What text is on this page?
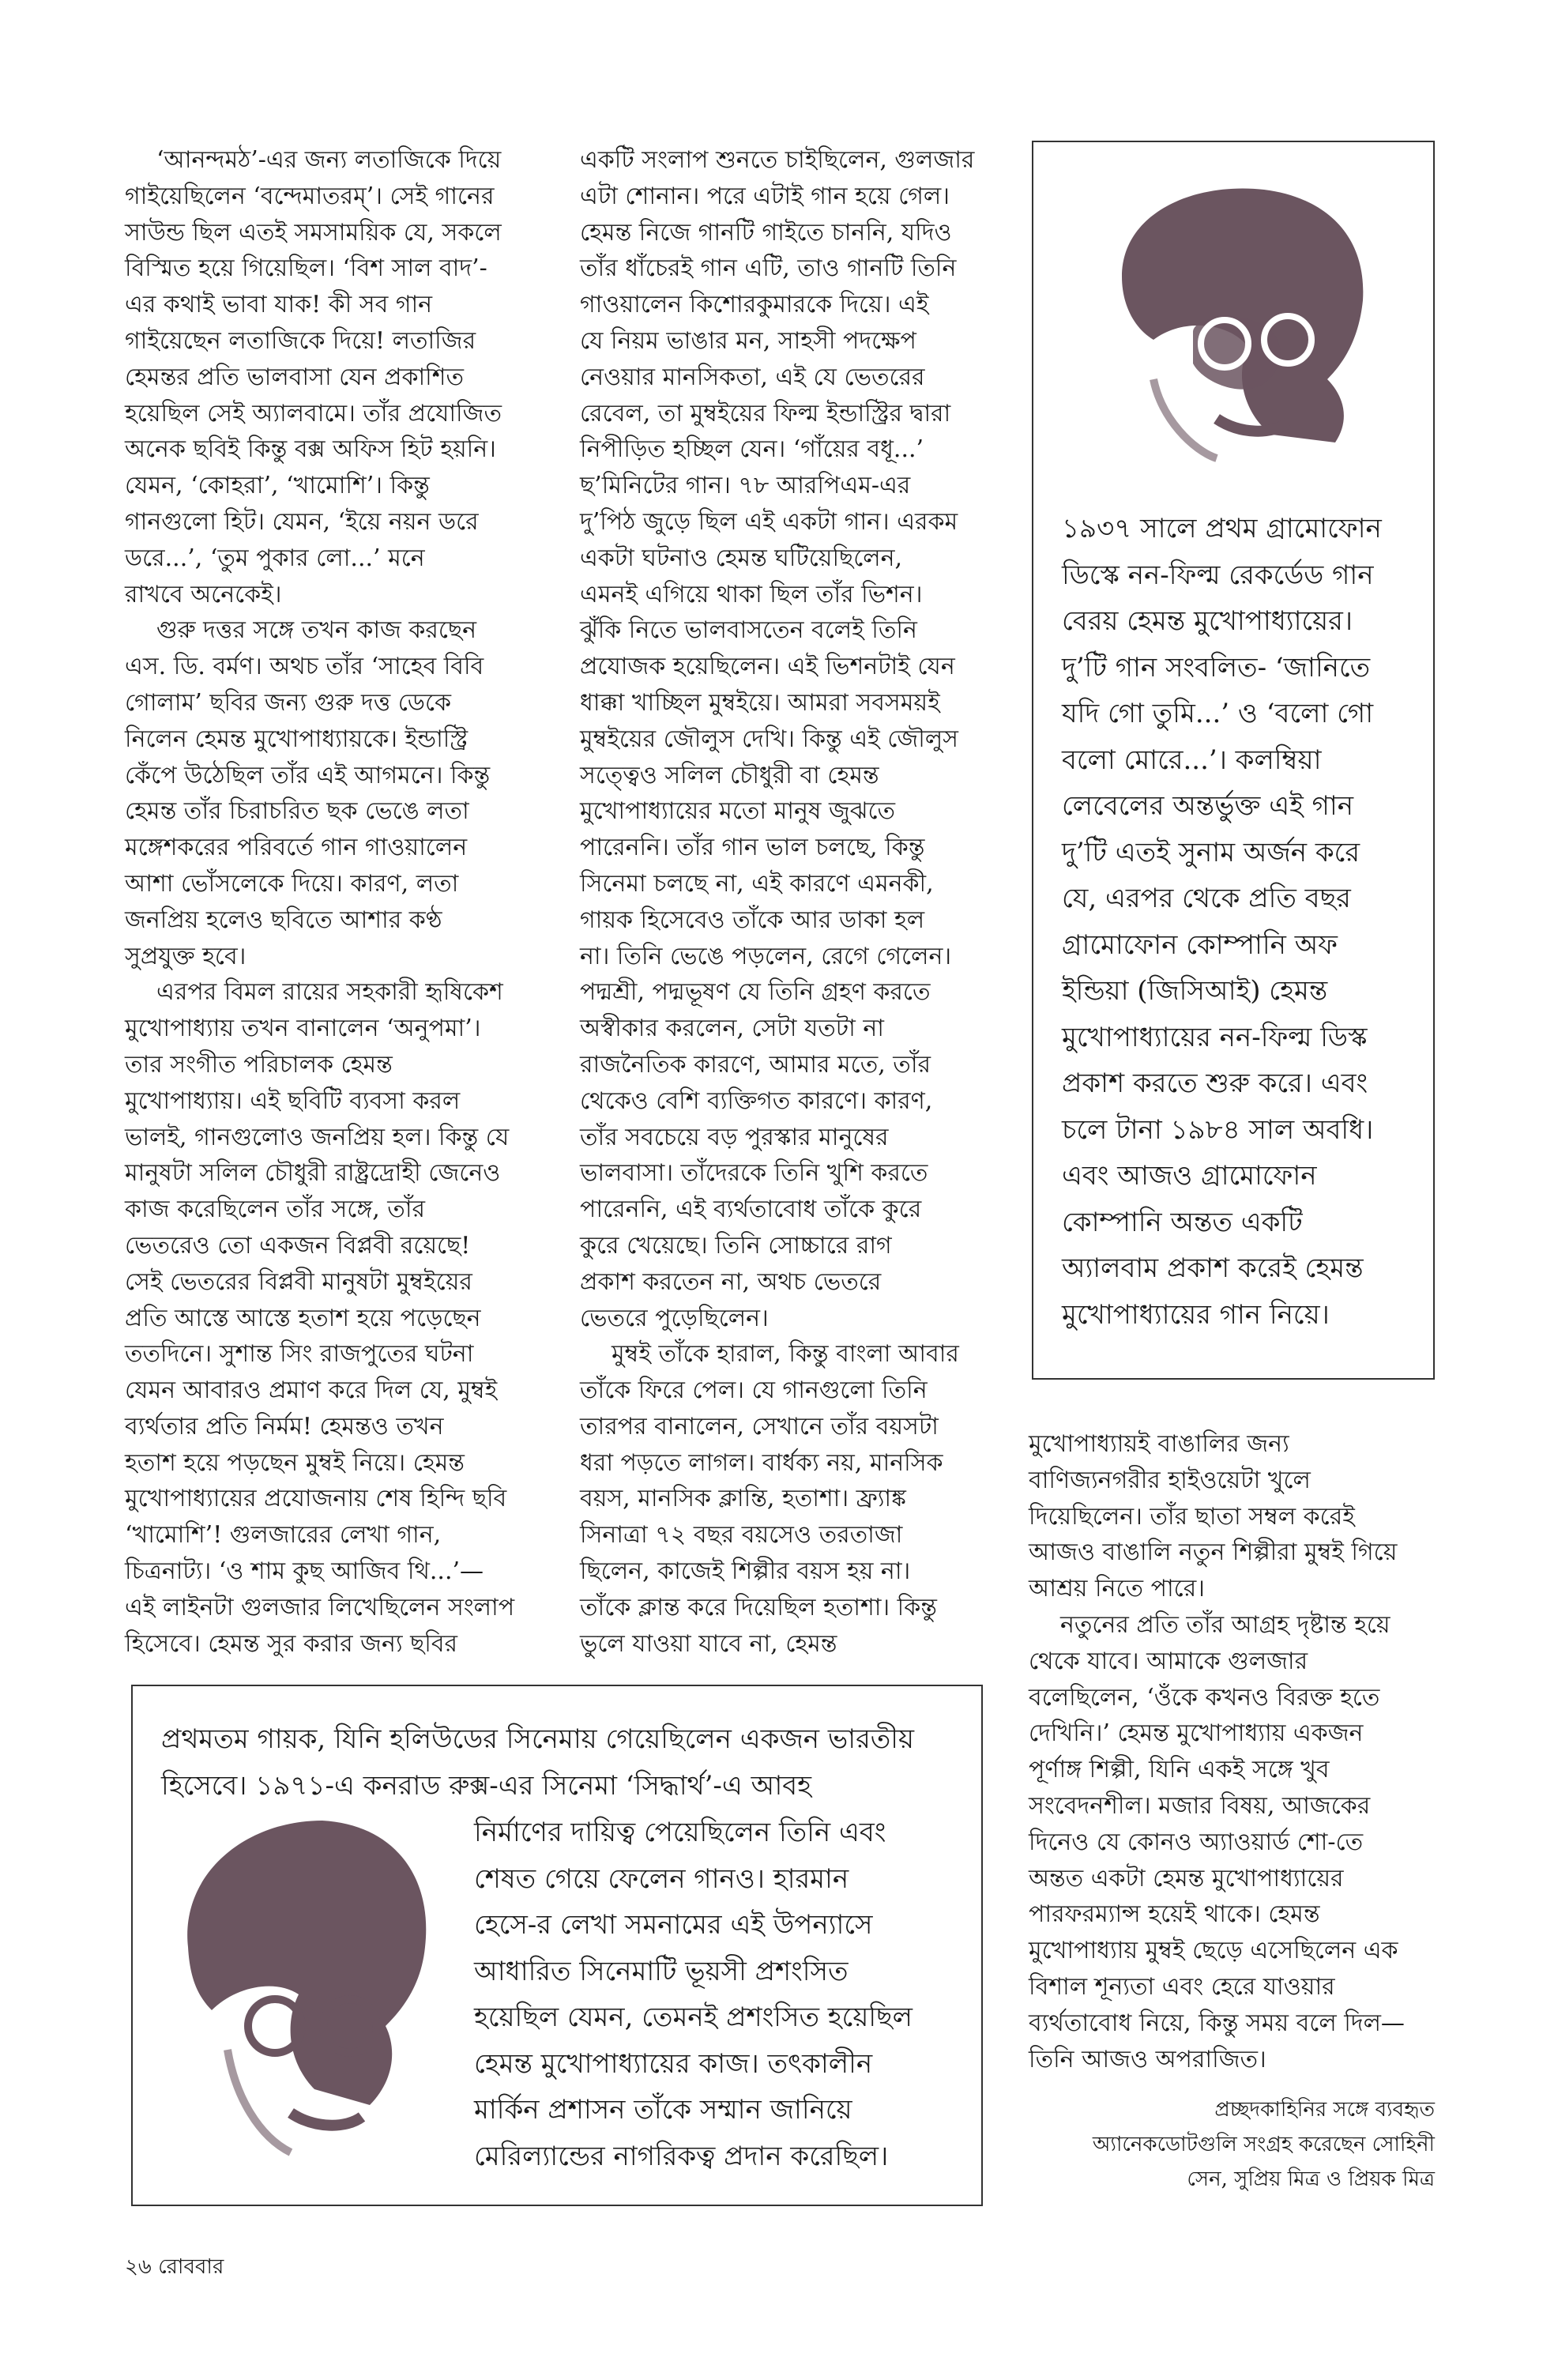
‘আনন্দমঠ’-এর জন্য লতাজিকে দিয়ে
গাইয়েছিলেন ‘বন্দেমাতরম্’। সেই গানের
সাউন্ড ছিল এতই সমসাময়িক যে, সকলে
বিস্মিত হয়ে গিয়েছিল। ‘বিশ সাল বাদ’-
এর কথাই ভাবা যাক! কী সব গান
গাইয়েছেন লতাজিকে দিয়ে! লতাজির
হেমন্তর প্রতি ভালবাসা যেন প্রকাশিত
হয়েছিল সেই অ্যালবামে। তাঁর প্রযোজিত
অনেক ছবিই কিন্তু বক্স অফিস হিট হয়নি।
যেমন, ‘কোহরা’, ‘খামোশি’। কিন্তু
গানগুলো হিট। যেমন, ‘ইয়ে নয়ন ডরে
ডরে...’, ‘তুম পুকার লো...’ মনে
রাখবে অনেকেই।
গুরু দত্তর সঙ্গে তখন কাজ করছেন
এস. ডি. বর্মণ। অথচ তাঁর ‘সাহেব বিবি
গোলাম’ ছবির জন্য গুরু দত্ত ডেকে
নিলেন হেমন্ত মুখোপাধ্যায়কে। ইন্ডাস্ট্রি
কেঁপে উঠেছিল তাঁর এই আগমনে। কিন্তু
হেমন্ত তাঁর চিরাচরিত ছক ভেঙে লতা
মঙ্গেশকরের পরিবর্তে গান গাওয়ালেন
আশা ভোঁসলেকে দিয়ে। কারণ, লতা
জনপ্রিয় হলেও ছবিতে আশার কণ্ঠ
সুপ্রযুক্ত হবে।
এরপর বিমল রায়ের সহকারী হৃষিকেশ
মুখোপাধ্যায় তখন বানালেন ‘অনুপমা’।
তার সংগীত পরিচালক হেমন্ত
মুখোপাধ্যায়। এই ছবিটি ব্যবসা করল
ভালই, গানগুলোও জনপ্রিয় হল। কিন্তু যে
মানুষটা সলিল চৌধুরী রাষ্ট্রদ্রোহী জেনেও
কাজ করেছিলেন তাঁর সঙ্গে, তাঁর
ভেতরেও তো একজন বিপ্লবী রয়েছে!
সেই ভেতরের বিপ্লবী মানুষটা মুম্বইয়ের
প্রতি আস্তে আস্তে হতাশ হয়ে পড়েছেন
ততদিনে। সুশান্ত সিং রাজপুতের ঘটনা
যেমন আবারও প্রমাণ করে দিল যে, মুম্বই
ব্যর্থতার প্রতি নির্মম! হেমন্তও তখন
হতাশ হয়ে পড়ছেন মুম্বই নিয়ে। হেমন্ত
মুখোপাধ্যায়ের প্রযোজনায় শেষ হিন্দি ছবি
‘খামোশি’! গুলজারের লেখা গান,
চিত্রনাট্য। ‘ও শাম কুছ আজিব থি...’—
এই লাইনটা গুলজার লিখেছিলেন সংলাপ
হিসেবে। হেমন্ত সুর করার জন্য ছবির
একটি সংলাপ শুনতে চাইছিলেন, গুলজার
এটা শোনান। পরে এটাই গান হয়ে গেল।
হেমন্ত নিজে গানটি গাইতে চাননি, যদিও
তাঁর ধাঁচেরই গান এটি, তাও গানটি তিনি
গাওয়ালেন কিশোরকুমারকে দিয়ে। এই
যে নিয়ম ভাঙার মন, সাহসী পদক্ষেপ
নেওয়ার মানসিকতা, এই যে ভেতরের
রেবেল, তা মুম্বইয়ের ফিল্ম ইন্ডাস্ট্রির দ্বারা
নিপীড়িত হচ্ছিল যেন। ‘গাঁয়ের বধূ...’
ছ’মিনিটের গান। ৭৮ আরপিএম-এর
দু’পিঠ জুড়ে ছিল এই একটা গান। এরকম
একটা ঘটনাও হেমন্ত ঘটিয়েছিলেন,
এমনই এগিয়ে থাকা ছিল তাঁর ভিশন।
ঝুঁকি নিতে ভালবাসতেন বলেই তিনি
প্রযোজক হয়েছিলেন। এই ভিশনটাই যেন
ধাক্কা খাচ্ছিল মুম্বইয়ে। আমরা সবসময়ই
মুম্বইয়ের জৌলুস দেখি। কিন্তু এই জৌলুস
সত্ত্বেও সলিল চৌধুরী বা হেমন্ত
মুখোপাধ্যায়ের মতো মানুষ জুঝতে
পারেননি। তাঁর গান ভাল চলছে, কিন্তু
সিনেমা চলছে না, এই কারণে এমনকী,
গায়ক হিসেবেও তাঁকে আর ডাকা হল
না। তিনি ভেঙে পড়লেন, রেগে গেলেন।
পদ্মশ্রী, পদ্মভূষণ যে তিনি গ্রহণ করতে
অস্বীকার করলেন, সেটা যতটা না
রাজনৈতিক কারণে, আমার মতে, তাঁর
থেকেও বেশি ব্যক্তিগত কারণে। কারণ,
তাঁর সবচেয়ে বড় পুরস্কার মানুষের
ভালবাসা। তাঁদেরকে তিনি খুশি করতে
পারেননি, এই ব্যর্থতাবোধ তাঁকে কুরে
কুরে খেয়েছে। তিনি সোচ্চারে রাগ
প্রকাশ করতেন না, অথচ ভেতরে
ভেতরে পুড়েছিলেন।
মুম্বই তাঁকে হারাল, কিন্তু বাংলা আবার
তাঁকে ফিরে পেল। যে গানগুলো তিনি
তারপর বানালেন, সেখানে তাঁর বয়সটা
ধরা পড়তে লাগল। বার্ধক্য নয়, মানসিক
বয়স, মানসিক ক্লান্তি, হতাশা। ফ্র্যাঙ্ক
সিনাত্রা ৭২ বছর বয়সেও তরতাজা
ছিলেন, কাজেই শিল্পীর বয়স হয় না।
তাঁকে ক্লান্ত করে দিয়েছিল হতাশা। কিন্তু
ভুলে যাওয়া যাবে না, হেমন্ত
মুখোপাধ্যায়ই বাঙালির জন্য
বাণিজ্যনগরীর হাইওয়েটা খুলে
দিয়েছিলেন। তাঁর ছাতা সম্বল করেই
আজও বাঙালি নতুন শিল্পীরা মুম্বই গিয়ে
আশ্রয় নিতে পারে।
নতুনের প্রতি তাঁর আগ্রহ দৃষ্টান্ত হয়ে
থেকে যাবে। আমাকে গুলজার
বলেছিলেন, ‘ওঁকে কখনও বিরক্ত হতে
দেখিনি।’ হেমন্ত মুখোপাধ্যায় একজন
পূর্ণাঙ্গ শিল্পী, যিনি একই সঙ্গে খুব
সংবেদনশীল। মজার বিষয়, আজকের
দিনেও যে কোনও অ্যাওয়ার্ড শো-তে
অন্তত একটা হেমন্ত মুখোপাধ্যায়ের
পারফরম্যান্স হয়েই থাকে। হেমন্ত
মুখোপাধ্যায় মুম্বই ছেড়ে এসেছিলেন এক
বিশাল শূন্যতা এবং হেরে যাওয়ার
ব্যর্থতাবোধ নিয়ে, কিন্তু সময় বলে দিল—
তিনি আজও অপরাজিত।
১৯৩৭ সালে প্রথম গ্রামোফোন
ডিস্কে নন-ফিল্ম রেকর্ডেড গান
বেরয় হেমন্ত মুখোপাধ্যায়ের।
দু’টি গান সংবলিত- ‘জানিতে
যদি গো তুমি...’ ও ‘বলো গো
বলো মোরে...’। কলম্বিয়া
লেবেলের অন্তর্ভুক্ত এই গান
দু’টি এতই সুনাম অর্জন করে
যে, এরপর থেকে প্রতি বছর
গ্রামোফোন কোম্পানি অফ
ইন্ডিয়া (জিসিআই) হেমন্ত
মুখোপাধ্যায়ের নন-ফিল্ম ডিস্ক
প্রকাশ করতে শুরু করে। এবং
চলে টানা ১৯৮৪ সাল অবধি।
এবং আজও গ্রামোফোন
কোম্পানি অন্তত একটি
অ্যালবাম প্রকাশ করেই হেমন্ত
মুখোপাধ্যায়ের গান নিয়ে।
প্রথমতম গায়ক, যিনি হলিউডের সিনেমায় গেয়েছিলেন একজন ভারতীয়
হিসেবে। ১৯৭১-এ কনরাড রুক্স-এর সিনেমা ‘সিদ্ধার্থ’-এ আবহ
নির্মাণের দায়িত্ব পেয়েছিলেন তিনি এবং
শেষত গেয়ে ফেলেন গানও। হারমান
হেসে-র লেখা সমনামের এই উপন্যাসে
আধারিত সিনেমাটি ভূয়সী প্রশংসিত
হয়েছিল যেমন, তেমনই প্রশংসিত হয়েছিল
হেমন্ত মুখোপাধ্যায়ের কাজ। তৎকালীন
মার্কিন প্রশাসন তাঁকে সম্মান জানিয়ে
মেরিল্যান্ডের নাগরিকত্ব প্রদান করেছিল।
প্রচ্ছদকাহিনির সঙ্গে ব্যবহৃত
অ্যানেকডোটগুলি সংগ্রহ করেছেন সোহিনী
সেন, সুপ্রিয় মিত্র ও প্রিয়ক মিত্র
২৬ রোববার
